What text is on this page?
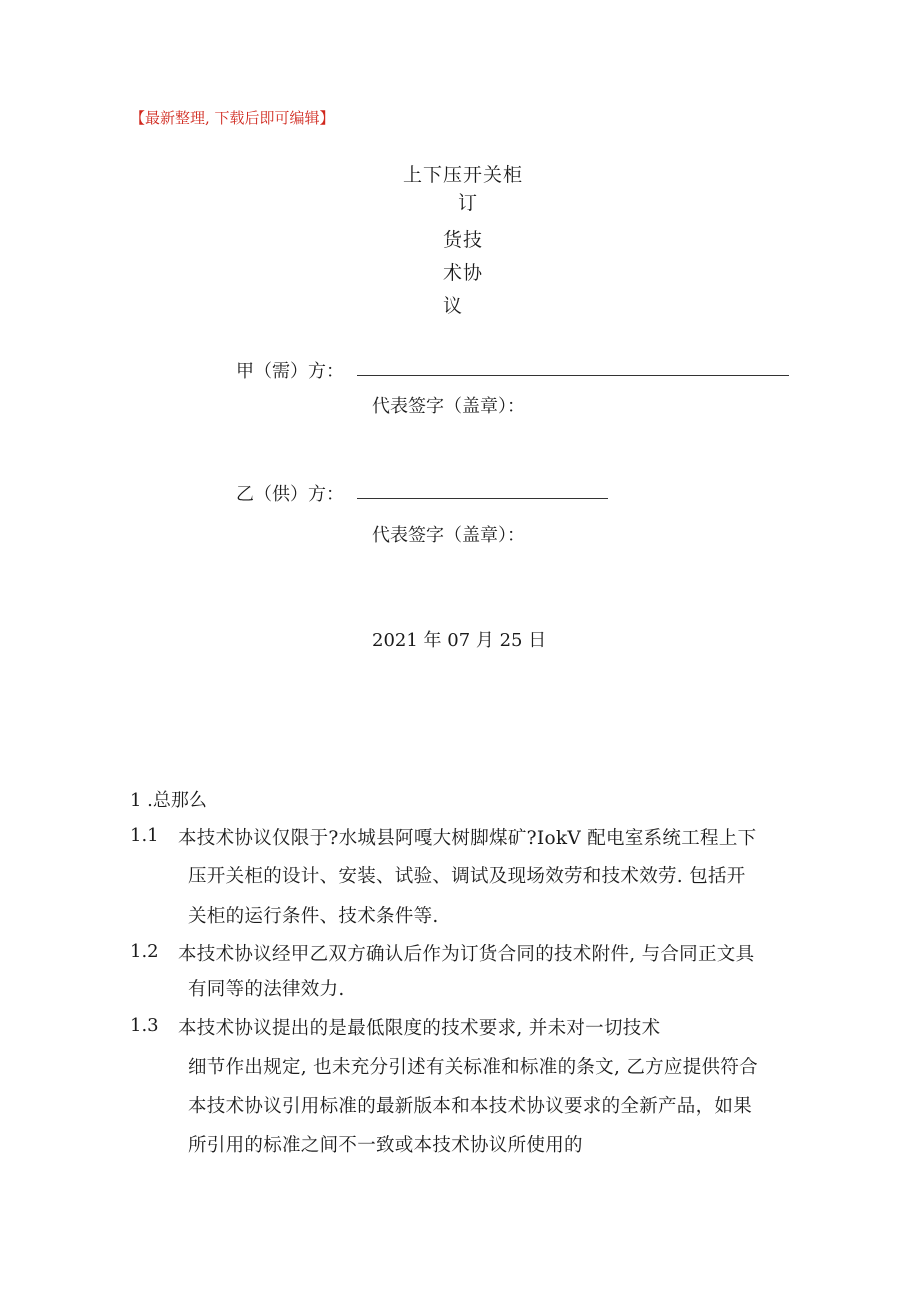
【最新整理, 下载后即可编辑】
上下压开关柜
订
货技
术协
议
甲（需）方：
代表签字（盖章）：
乙（供）方：
代表签字（盖章）：
2021 年 07 月 25 日
1 .总那么
1.1 本技术协议仅限于?水城县阿嘎大树脚煤矿?IokV 配电室系统工程上下
压开关柜的设计、安装、试验、调试及现场效劳和技术效劳. 包括开
关柜的运行条件、技术条件等.
1.2 本技术协议经甲乙双方确认后作为订货合同的技术附件, 与合同正文具
有同等的法律效力.
1.3 本技术协议提出的是最低限度的技术要求, 并未对一切技术
细节作出规定, 也未充分引述有关标准和标准的条文, 乙方应提供符合
本技术协议引用标准的最新版本和本技术协议要求的全新产品，如果
所引用的标准之间不一致或本技术协议所使用的
